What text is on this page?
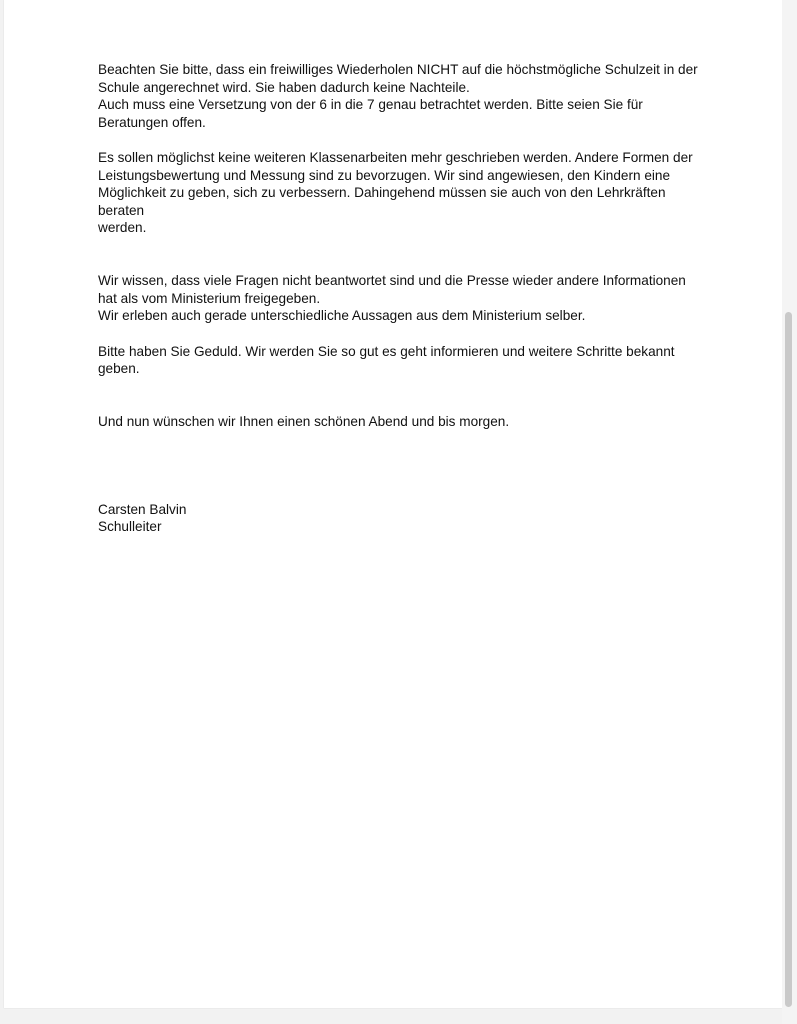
Beachten Sie bitte, dass ein freiwilliges Wiederholen NICHT auf die höchstmögliche Schulzeit in der

Schule angerechnet wird. Sie haben dadurch keine Nachteile.

Auch muss eine Versetzung von der 6 in die 7 genau betrachtet werden. Bitte seien Sie für

Beratungen offen.

Es sollen möglichst keine weiteren Klassenarbeiten mehr geschrieben werden. Andere Formen der

Leistungsbewertung und Messung sind zu bevorzugen. Wir sind angewiesen, den Kindern eine

Möglichkeit zu geben, sich zu verbessern. Dahingehend müssen sie auch von den Lehrkräften beraten

werden.

Wir wissen, dass viele Fragen nicht beantwortet sind und die Presse wieder andere Informationen

hat als vom Ministerium freigegeben.

Wir erleben auch gerade unterschiedliche Aussagen aus dem Ministerium selber.

Bitte haben Sie Geduld. Wir werden Sie so gut es geht informieren und weitere Schritte bekannt

geben.

Und nun wünschen wir Ihnen einen schönen Abend und bis morgen.

Carsten Balvin

Schulleiter
